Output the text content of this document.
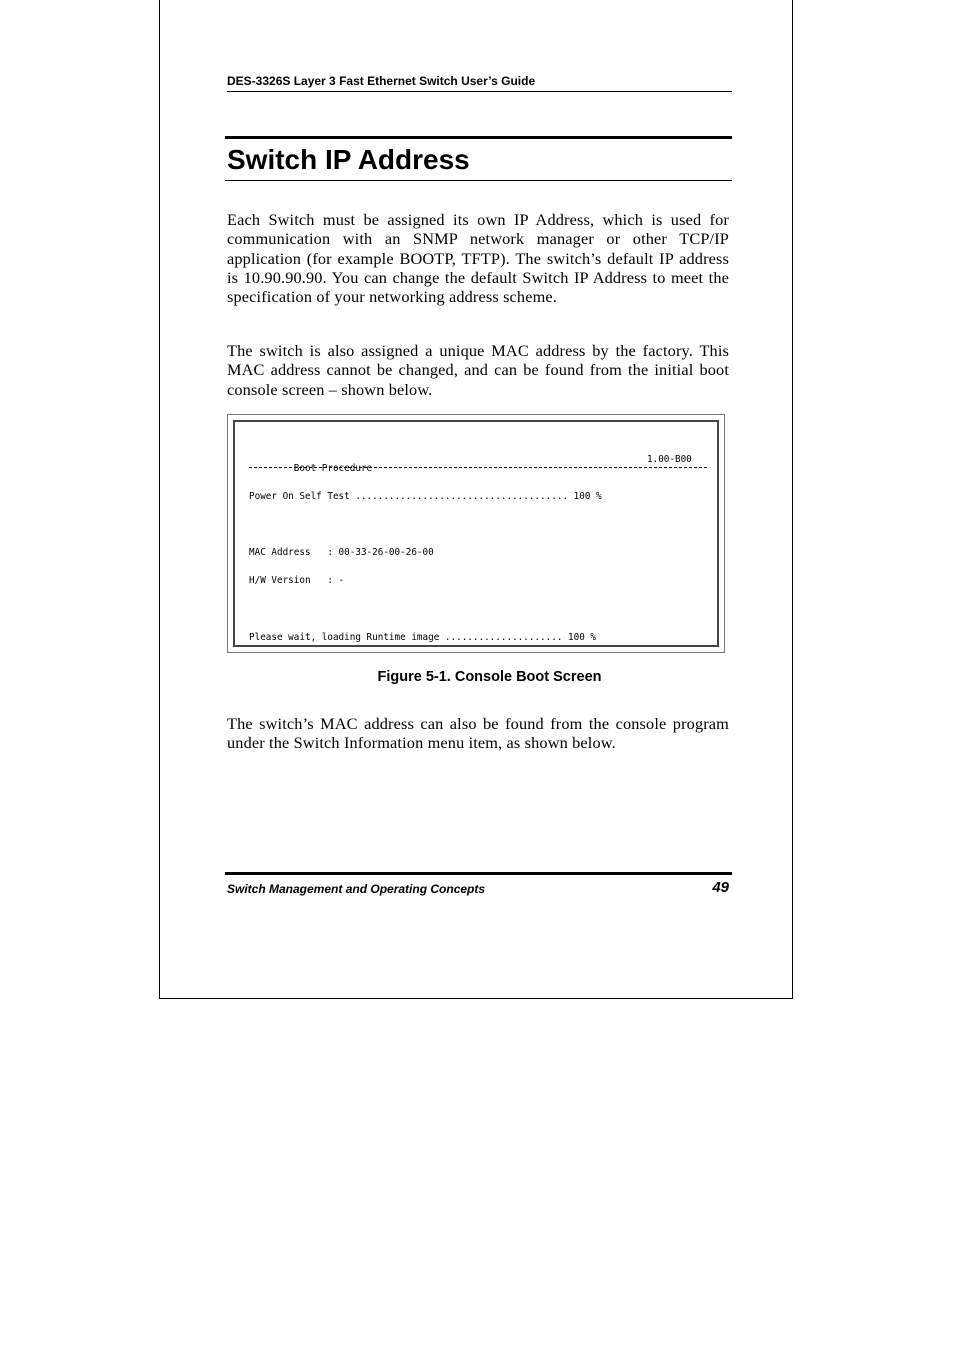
DES-3326S Layer 3 Fast Ethernet Switch User’s Guide
Switch IP Address

Each Switch must be assigned its own IP Address, which is used for communication with an SNMP network manager or other TCP/IP application (for example BOOTP, TFTP). The switch’s default IP address is 10.90.90.90. You can change the default Switch IP Address to meet the specification of your networking address scheme.

The switch is also assigned a unique MAC address by the factory. This MAC address cannot be changed, and can be found from the initial boot console screen – shown below.

Boot Procedure

1.00-B00

Power On Self Test ...................................... 100 %

MAC Address   : 00-33-26-00-26-00

H/W Version   : -

Please wait, loading Runtime image ..................... 100 %

Figure 5-1. Console Boot Screen

The switch’s MAC address can also be found from the console program under the Switch Information menu item, as shown below.

Switch Management and Operating Concepts	49
